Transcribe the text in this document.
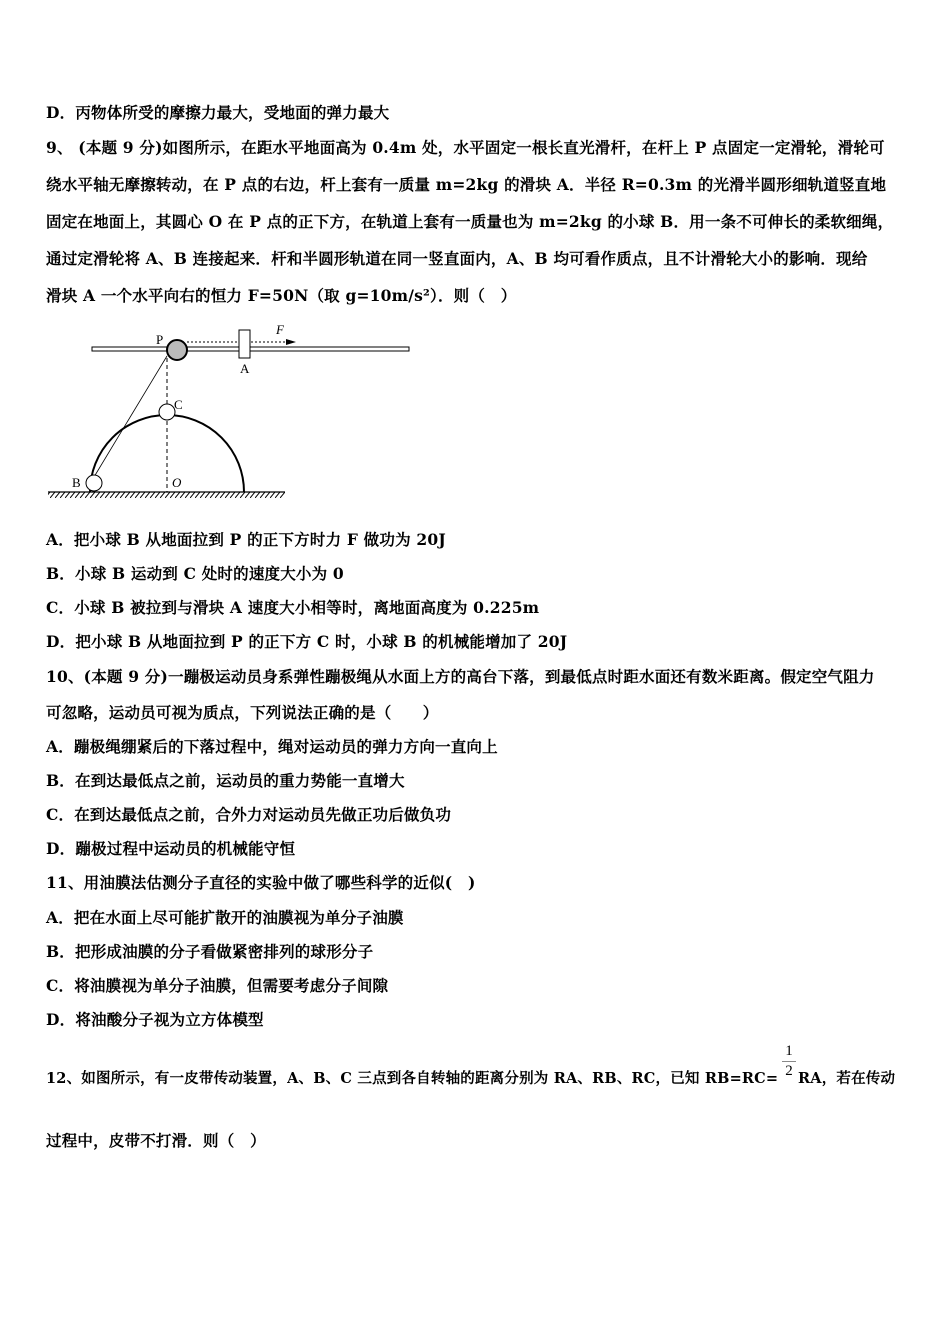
D．丙物体所受的摩擦力最大，受地面的弹力最大
9、 (本题 9 分)如图所示，在距水平地面高为 0.4m 处，水平固定一根长直光滑杆，在杆上 P 点固定一定滑轮，滑轮可
绕水平轴无摩擦转动，在 P 点的右边，杆上套有一质量 m=2kg 的滑块 A．半径 R=0.3m 的光滑半圆形细轨道竖直地
固定在地面上，其圆心 O 在 P 点的正下方，在轨道上套有一质量也为 m=2kg 的小球 B．用一条不可伸长的柔软细绳，
通过定滑轮将 A、B 连接起来．杆和半圆形轨道在同一竖直面内，A、B 均可看作质点，且不计滑轮大小的影响．现给
滑块 A 一个水平向右的恒力 F=50N（取 g=10m/s²）．则（　）
P
A
F
C
B	O
A．把小球 B 从地面拉到 P 的正下方时力 F 做功为 20J
B．小球 B 运动到 C 处时的速度大小为 0
C．小球 B 被拉到与滑块 A 速度大小相等时，离地面高度为 0.225m
D．把小球 B 从地面拉到 P 的正下方 C 时，小球 B 的机械能增加了 20J
10、(本题 9 分)一蹦极运动员身系弹性蹦极绳从水面上方的高台下落，到最低点时距水面还有数米距离。假定空气阻力
可忽略，运动员可视为质点，下列说法正确的是（　　）
A．蹦极绳绷紧后的下落过程中，绳对运动员的弹力方向一直向上
B．在到达最低点之前，运动员的重力势能一直增大
C．在到达最低点之前，合外力对运动员先做正功后做负功
D．蹦极过程中运动员的机械能守恒
11、用油膜法估测分子直径的实验中做了哪些科学的近似(　)
A．把在水面上尽可能扩散开的油膜视为单分子油膜
B．把形成油膜的分子看做紧密排列的球形分子
C．将油膜视为单分子油膜，但需要考虑分子间隙
D．将油酸分子视为立方体模型
12、如图所示，有一皮带传动装置，A、B、C 三点到各自转轴的距离分别为 RA、RB、RC，已知 RB=RC=
1
2 RA，若在传动
过程中，皮带不打滑．则（　）
